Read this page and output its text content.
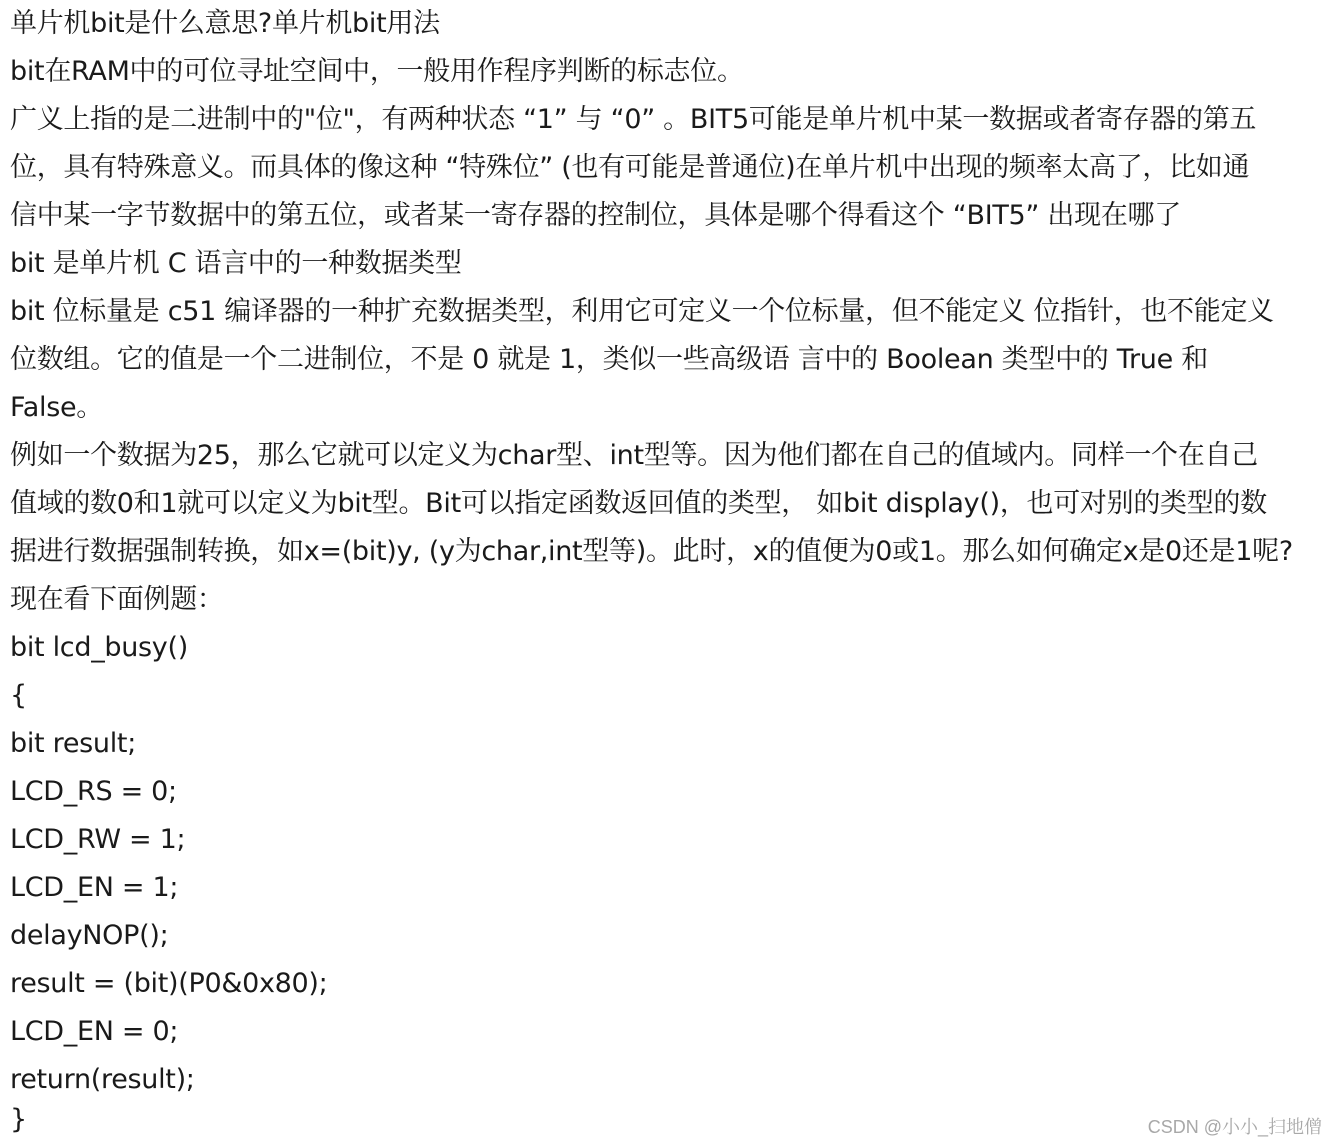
单片机bit是什么意思?单片机bit用法
bit在RAM中的可位寻址空间中，一般用作程序判断的标志位。
广义上指的是二进制中的"位"，有两种状态 “1” 与 “0” 。BIT5可能是单片机中某一数据或者寄存器的第五
位，具有特殊意义。而具体的像这种 “特殊位” (也有可能是普通位)在单片机中出现的频率太高了，比如通
信中某一字节数据中的第五位，或者某一寄存器的控制位，具体是哪个得看这个 “BIT5” 出现在哪了
bit 是单片机 C 语言中的一种数据类型
bit 位标量是 c51 编译器的一种扩充数据类型，利用它可定义一个位标量，但不能定义 位指针，也不能定义
位数组。它的值是一个二进制位，不是 0 就是 1，类似一些高级语 言中的 Boolean 类型中的 True 和
False。
例如一个数据为25，那么它就可以定义为char型、int型等。因为他们都在自己的值域内。同样一个在自己
值域的数0和1就可以定义为bit型。Bit可以指定函数返回值的类型， 如bit display()，也可对别的类型的数
据进行数据强制转换，如x=(bit)y, (y为char,int型等)。此时，x的值便为0或1。那么如何确定x是0还是1呢?
现在看下面例题：
bit lcd_busy()
{
bit result;
LCD_RS = 0;
LCD_RW = 1;
LCD_EN = 1;
delayNOP();
result = (bit)(P0&0x80);
LCD_EN = 0;
return(result);
}	CSDN @小小_扫地僧
